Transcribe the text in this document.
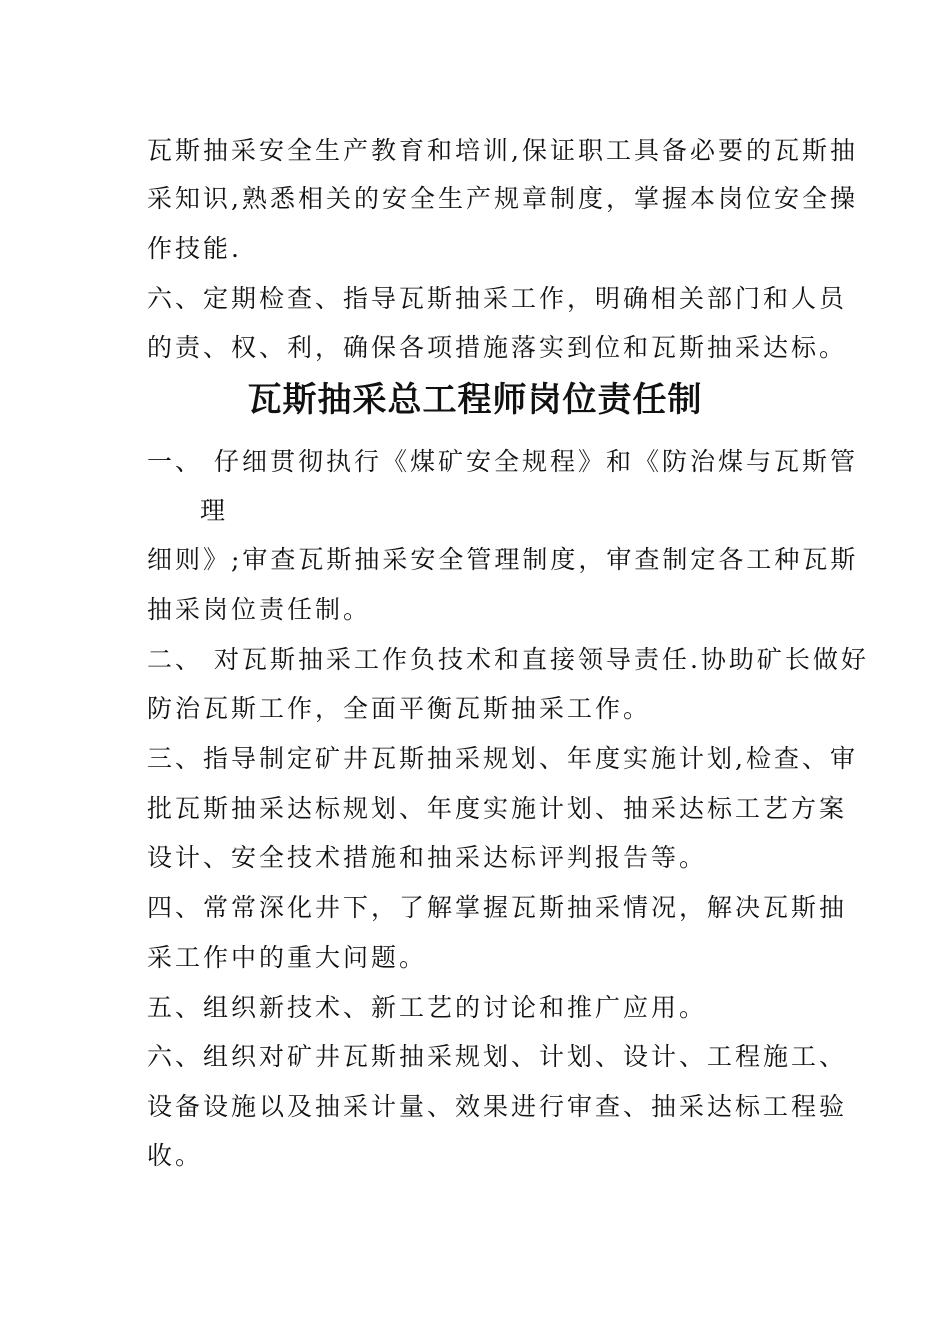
瓦斯抽采安全生产教育和培训,保证职工具备必要的瓦斯抽
采知识,熟悉相关的安全生产规章制度，掌握本岗位安全操
作技能.
六、定期检查、指导瓦斯抽采工作，明确相关部门和人员
的责、权、利，确保各项措施落实到位和瓦斯抽采达标。
瓦斯抽采总工程师岗位责任制
一、 仔细贯彻执行《煤矿安全规程》和《防治煤与瓦斯管
理
细则》;审查瓦斯抽采安全管理制度，审查制定各工种瓦斯
抽采岗位责任制。
二、 对瓦斯抽采工作负技术和直接领导责任.协助矿长做好
防治瓦斯工作，全面平衡瓦斯抽采工作。
三、指导制定矿井瓦斯抽采规划、年度实施计划,检查、审
批瓦斯抽采达标规划、年度实施计划、抽采达标工艺方案
设计、安全技术措施和抽采达标评判报告等。
四、常常深化井下，了解掌握瓦斯抽采情况，解决瓦斯抽
采工作中的重大问题。
五、组织新技术、新工艺的讨论和推广应用。
六、组织对矿井瓦斯抽采规划、计划、设计、工程施工、
设备设施以及抽采计量、效果进行审查、抽采达标工程验
收。
